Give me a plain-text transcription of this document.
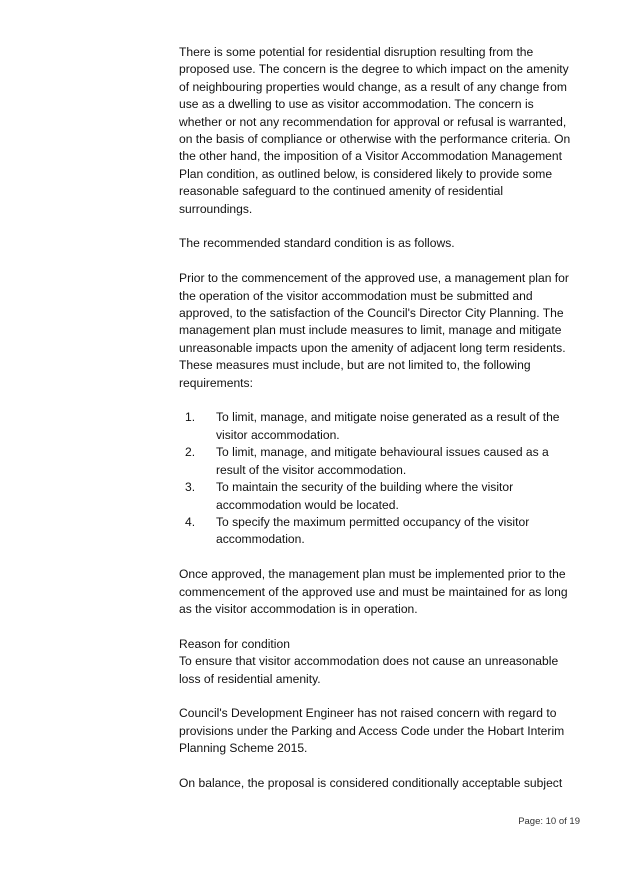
There is some potential for residential disruption resulting from the proposed use. The concern is the degree to which impact on the amenity of neighbouring properties would change, as a result of any change from use as a dwelling to use as visitor accommodation. The concern is whether or not any recommendation for approval or refusal is warranted, on the basis of compliance or otherwise with the performance criteria. On the other hand, the imposition of a Visitor Accommodation Management Plan condition, as outlined below, is considered likely to provide some reasonable safeguard to the continued amenity of residential surroundings.

The recommended standard condition is as follows.

Prior to the commencement of the approved use, a management plan for the operation of the visitor accommodation must be submitted and approved, to the satisfaction of the Council's Director City Planning. The management plan must include measures to limit, manage and mitigate unreasonable impacts upon the amenity of adjacent long term residents. These measures must include, but are not limited to, the following requirements:

1. To limit, manage, and mitigate noise generated as a result of the visitor accommodation.
2. To limit, manage, and mitigate behavioural issues caused as a result of the visitor accommodation.
3. To maintain the security of the building where the visitor accommodation would be located.
4. To specify the maximum permitted occupancy of the visitor accommodation.

Once approved, the management plan must be implemented prior to the commencement of the approved use and must be maintained for as long as the visitor accommodation is in operation.

Reason for condition
To ensure that visitor accommodation does not cause an unreasonable loss of residential amenity.

Council's Development Engineer has not raised concern with regard to provisions under the Parking and Access Code under the Hobart Interim Planning Scheme 2015.

On balance, the proposal is considered conditionally acceptable subject

Page: 10 of 19
